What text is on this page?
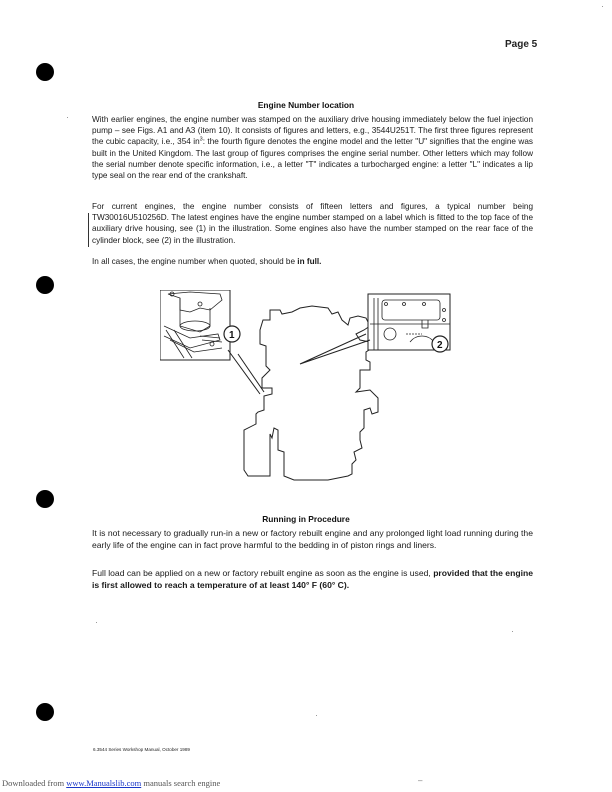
Page 5
Engine Number location
With earlier engines, the engine number was stamped on the auxiliary drive housing immediately below the fuel injection pump – see Figs. A1 and A3 (item 10). It consists of figures and letters, e.g., 3544U251T. The first three figures represent the cubic capacity, i.e., 354 $in^3$: the fourth figure denotes the engine model and the letter "U" signifies that the engine was built in the United Kingdom. The last group of figures comprises the engine serial number. Other letters which may follow the serial number denote specific information, i.e., a letter "T" indicates a turbocharged engine: a letter "L" indicates a lip type seal on the rear end of the crankshaft.
For current engines, the engine number consists of fifteen letters and figures, a typical number being TW30016U510256D. The latest engines have the engine number stamped on a label which is fitted to the top face of the auxiliary drive housing, see (1) in the illustration. Some engines also have the number stamped on the rear face of the cylinder block, see (2) in the illustration.
In all cases, the engine number when quoted, should be in full.
1
2
Running in Procedure
It is not necessary to gradually run-in a new or factory rebuilt engine and any prolonged light load running during the early life of the engine can in fact prove harmful to the bedding in of piston rings and liners.
Full load can be applied on a new or factory rebuilt engine as soon as the engine is used, provided that the engine is first allowed to reach a temperature of at least 140° F (60° C).
6.3544 Series Workshop Manual, October 1989
Downloaded from www.Manualslib.com manuals search engine	–
